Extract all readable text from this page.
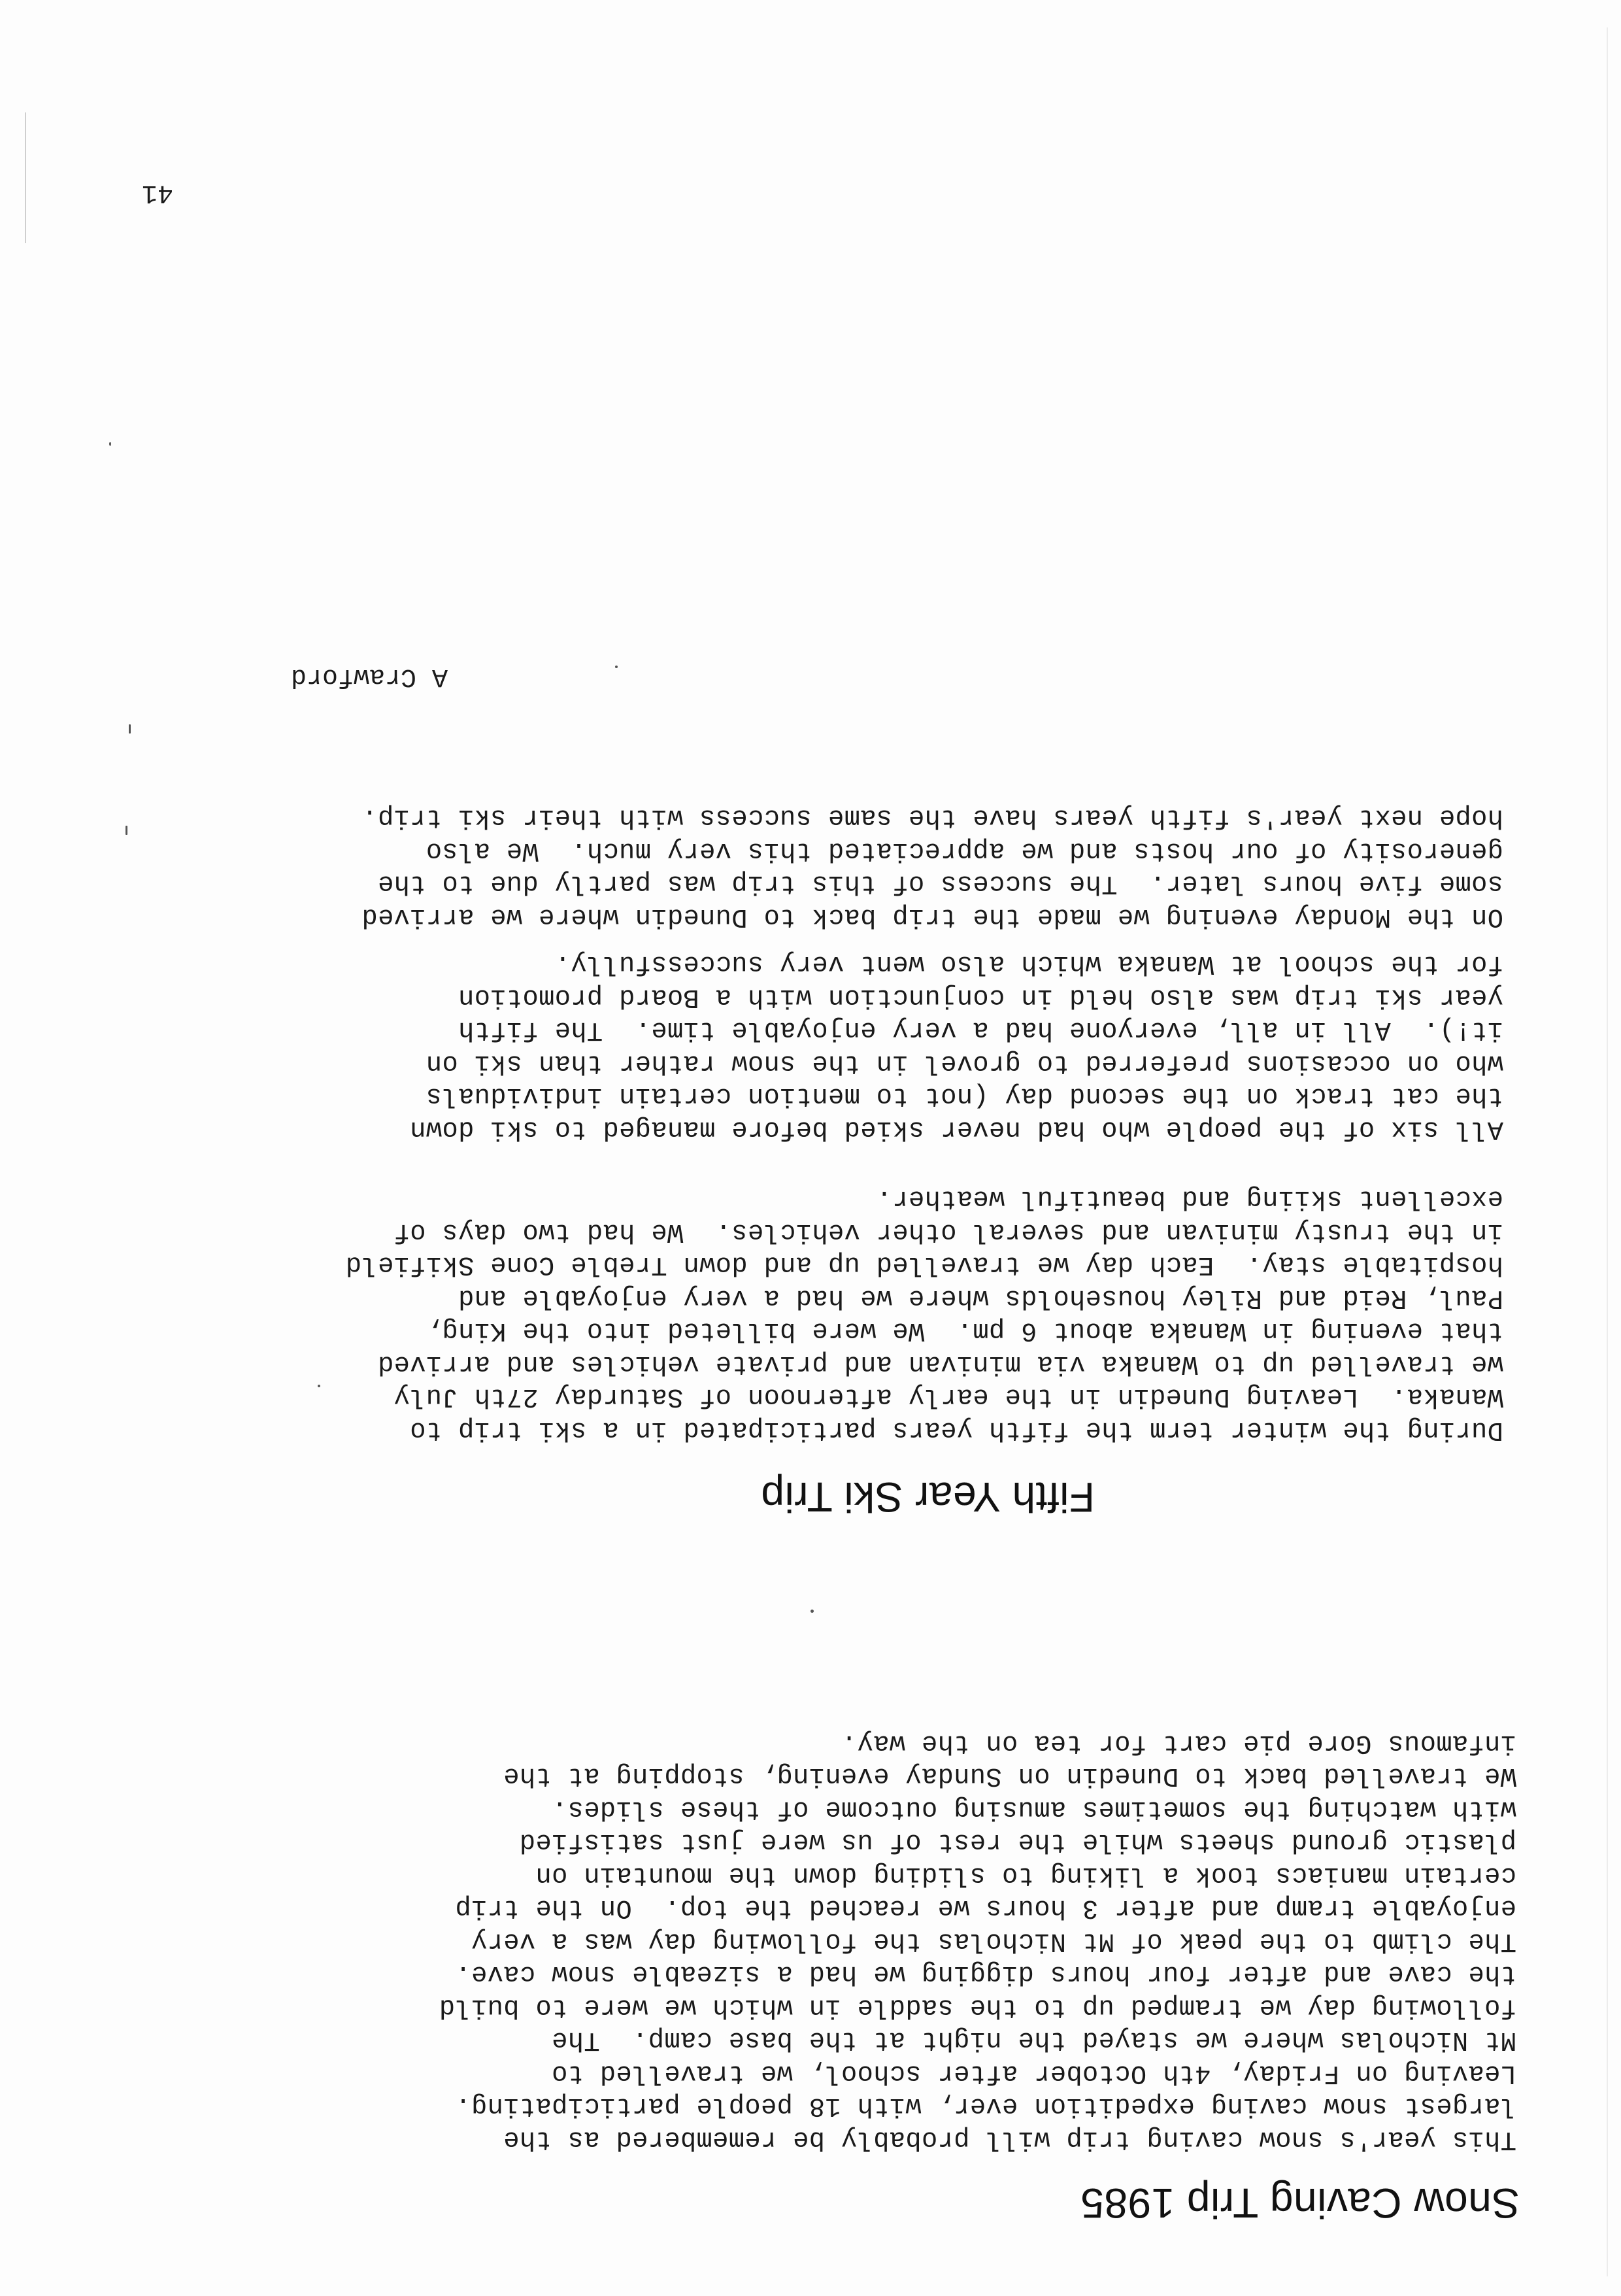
Snow Caving Trip 1985
This year's snow caving trip will probably be remembered as the
largest snow caving expedition ever, with 18 people participating.
Leaving on Friday, 4th October after school, we travelled to
Mt Nicholas where we stayed the night at the base camp.  The
following day we tramped up to the saddle in which we were to build
the cave and after four hours digging we had a sizeable snow cave.
The climb to the peak of Mt Nicholas the following day was a very
enjoyable tramp and after 3 hours we reached the top.  On the trip
certain maniacs took a liking to sliding down the mountain on
plastic ground sheets while the rest of us were just satisfied
with watching the sometimes amusing outcome of these slides.
We travelled back to Dunedin on Sunday evening, stopping at the
infamous Gore pie cart for tea on the way.
Fifth Year Ski Trip
During the winter term the fifth years participated in a ski trip to
Wanaka.  Leaving Dunedin in the early afternoon of Saturday 27th July
we travelled up to Wanaka via minivan and private vehicles and arrived
that evening in Wanaka about 6 pm.  We were billeted into the King,
Paul, Reid and Riley households where we had a very enjoyable and
hospitable stay.  Each day we travelled up and down Treble Cone Skifield
in the trusty minivan and several other vehicles.  We had two days of
excellent skiing and beautiful weather.
All six of the people who had never skied before managed to ski down
the cat track on the second day (not to mention certain individuals
who on occasions preferred to grovel in the snow rather than ski on
it!).  All in all, everyone had a very enjoyable time.  The fifth
year ski trip was also held in conjunction with a Board promotion
for the school at Wanaka which also went very successfully.
On the Monday evening we made the trip back to Dunedin where we arrived
some five hours later.  The success of this trip was partly due to the
generosity of our hosts and we appreciated this very much.  We also
hope next year's fifth years have the same success with their ski trip.
A Crawford
41
